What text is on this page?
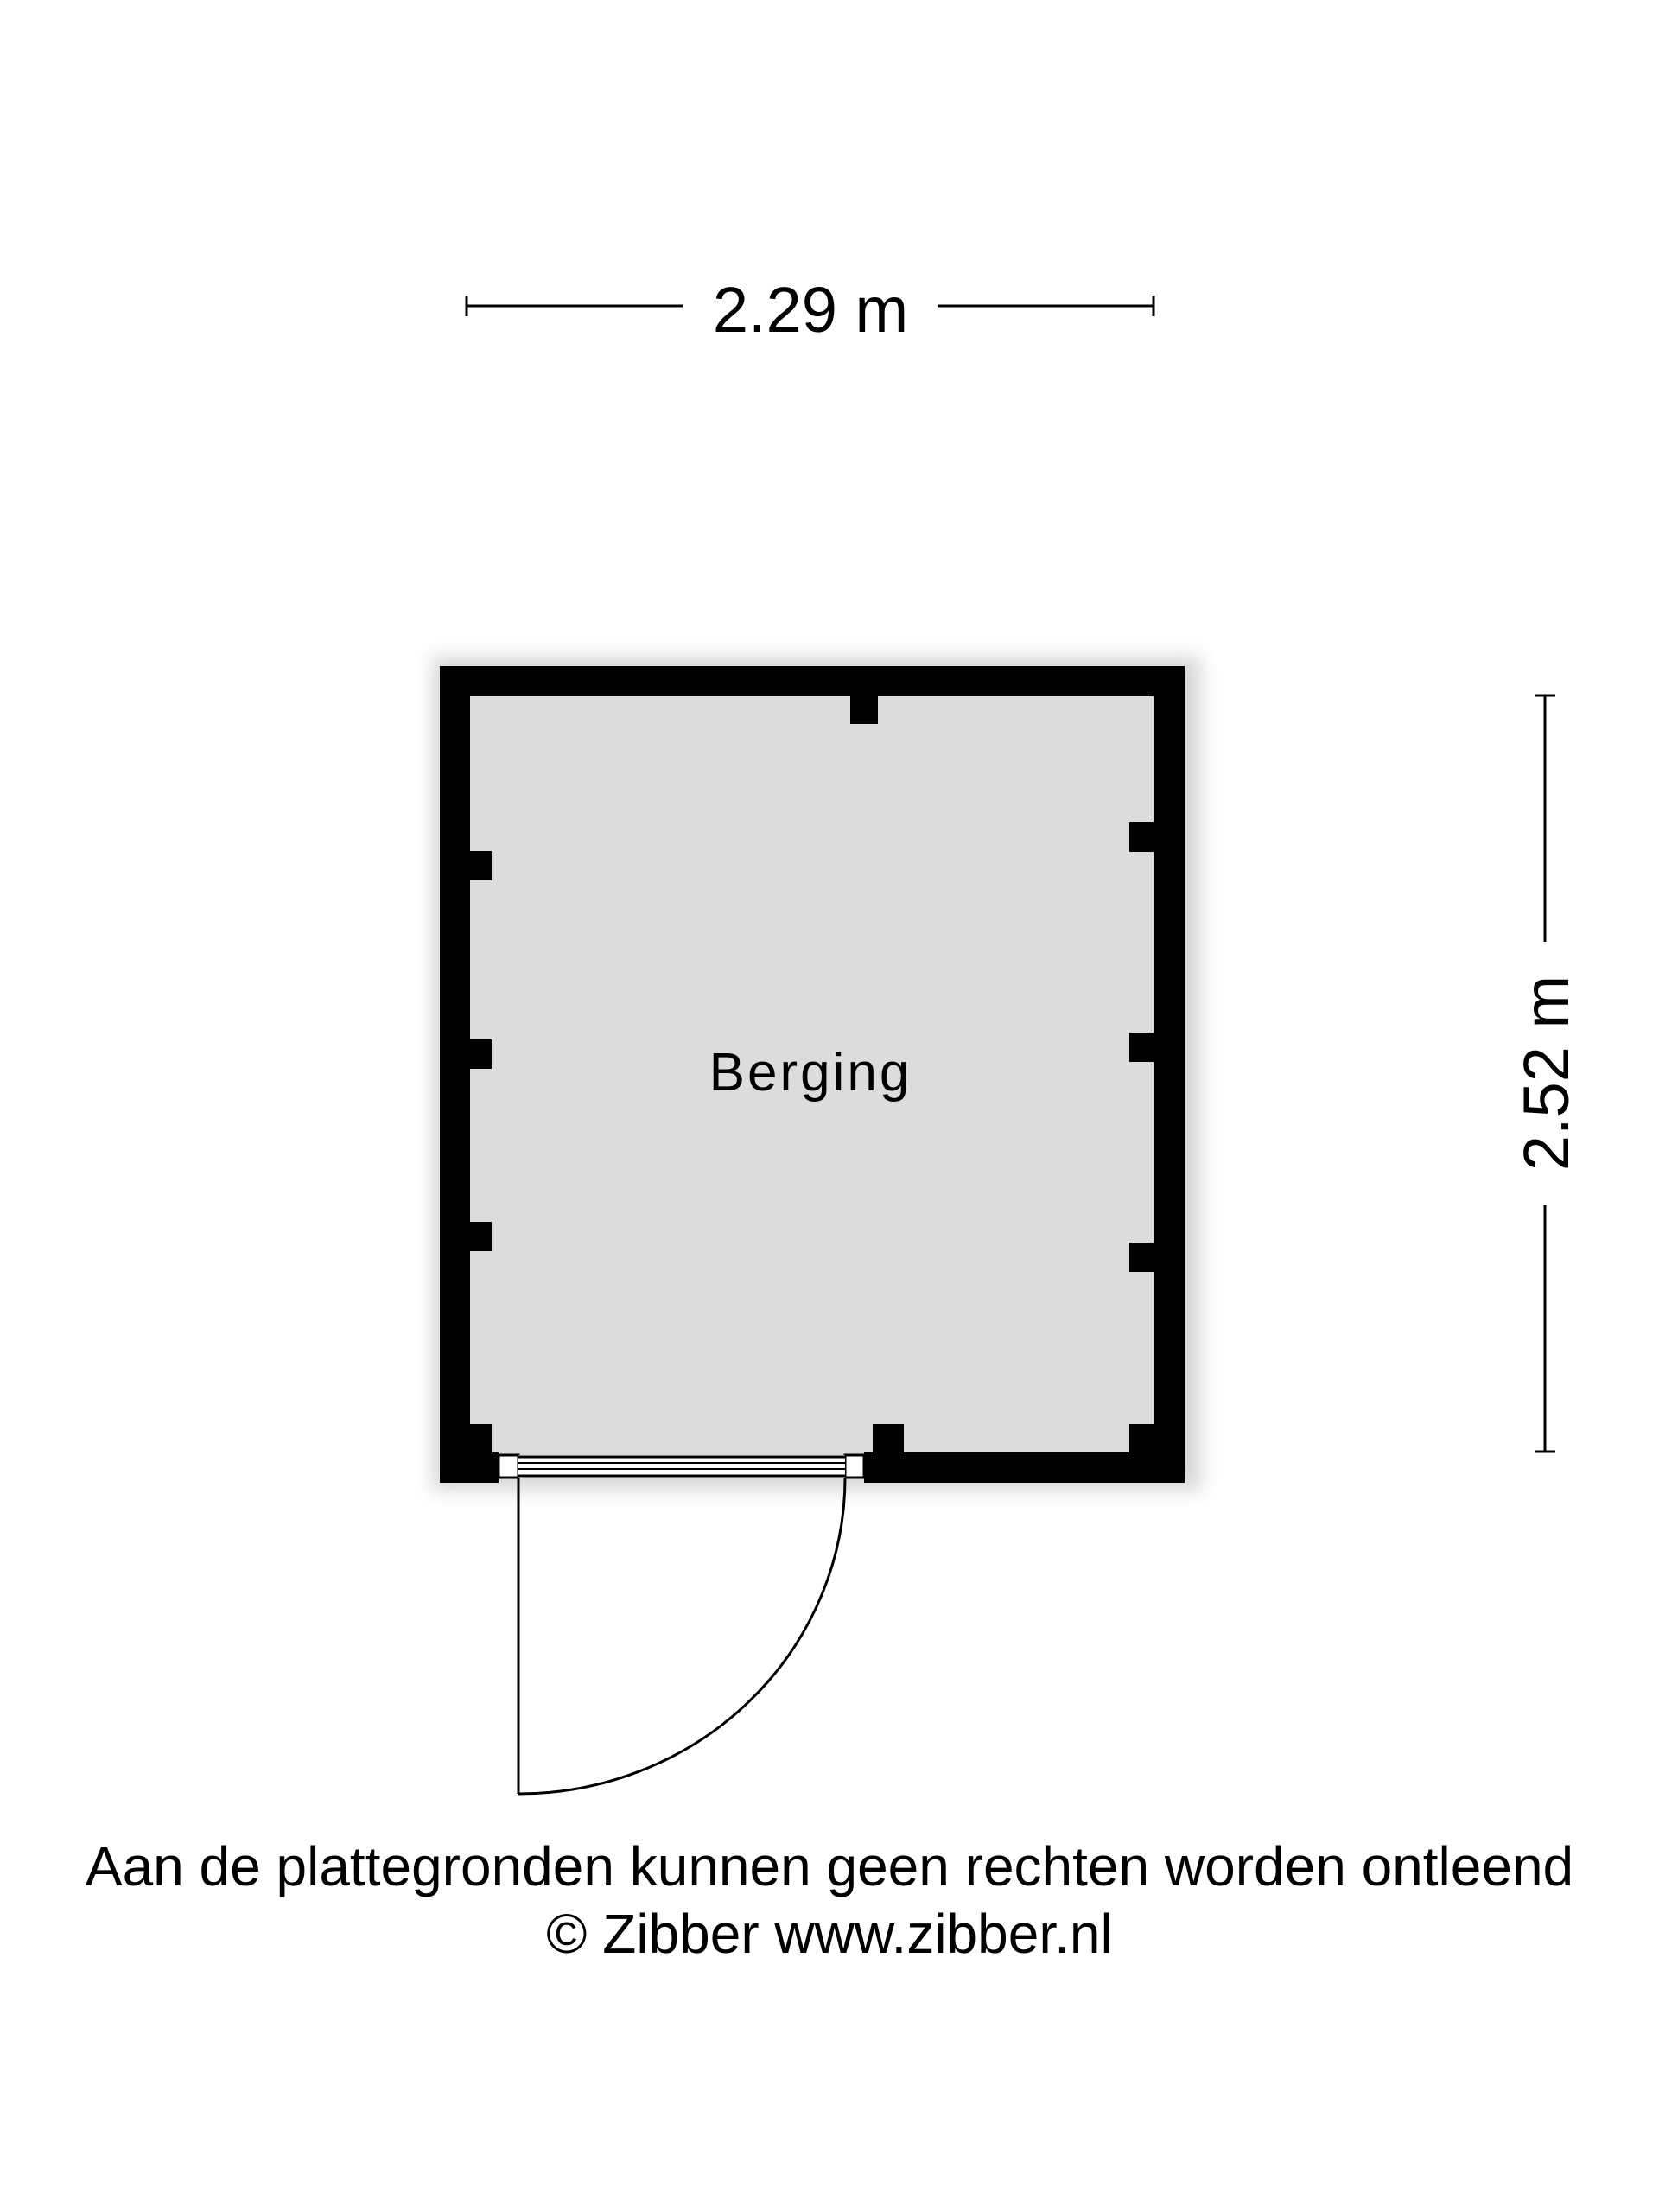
2.29 m
2.52 m
Berging
Aan de plattegronden kunnen geen rechten worden ontleend
© Zibber www.zibber.nl
